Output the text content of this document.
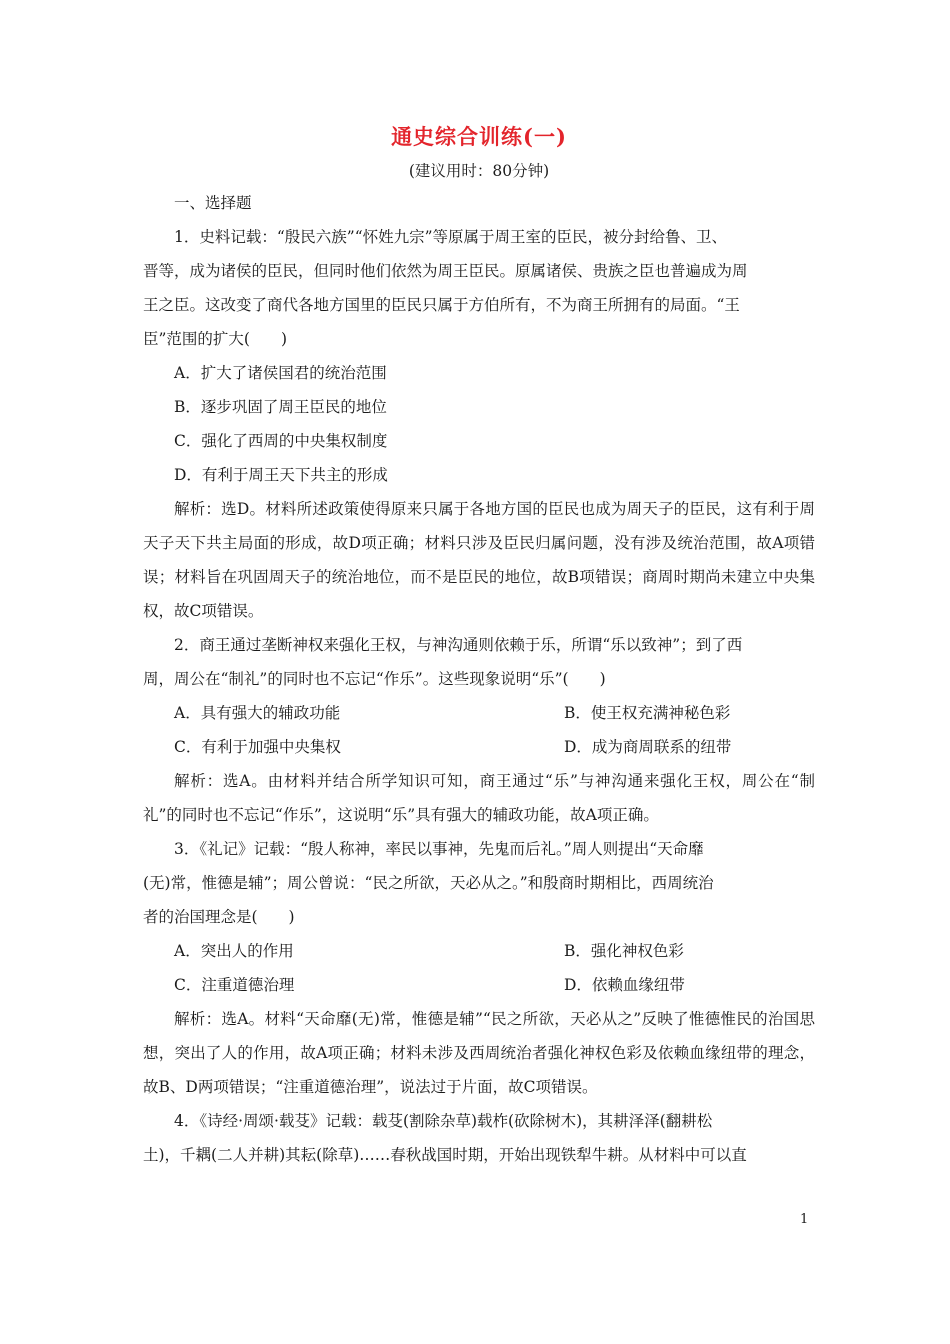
通史综合训练(一)
(建议用时：80分钟)
一、选择题
1．史料记载：“殷民六族”“怀姓九宗”等原属于周王室的臣民，被分封给鲁、卫、
晋等，成为诸侯的臣民，但同时他们依然为周王臣民。原属诸侯、贵族之臣也普遍成为周
王之臣。这改变了商代各地方国里的臣民只属于方伯所有，不为商王所拥有的局面。“王
臣”范围的扩大(　　)
A．扩大了诸侯国君的统治范围
B．逐步巩固了周王臣民的地位
C．强化了西周的中央集权制度
D．有利于周王天下共主的形成

解析：选D。材料所述政策使得原来只属于各地方国的臣民也成为周天子的臣民，这有利于周天子天下共主局面的形成，故D项正确；材料只涉及臣民归属问题，没有涉及统治范围，故A项错误；材料旨在巩固周天子的统治地位，而不是臣民的地位，故B项错误；商周时期尚未建立中央集权，故C项错误。

2．商王通过垄断神权来强化王权，与神沟通则依赖于乐，所谓“乐以致神”；到了西
周，周公在“制礼”的同时也不忘记“作乐”。这些现象说明“乐”(　　)
A．具有强大的辅政功能	B．使王权充满神秘色彩
C．有利于加强中央集权	D．成为商周联系的纽带

解析：选A。由材料并结合所学知识可知，商王通过“乐”与神沟通来强化王权，周公在“制礼”的同时也不忘记“作乐”，这说明“乐”具有强大的辅政功能，故A项正确。

3．《礼记》记载：“殷人称神，率民以事神，先鬼而后礼。”周人则提出“天命靡
(无)常，惟德是辅”；周公曾说：“民之所欲，天必从之。”和殷商时期相比，西周统治
者的治国理念是(　　)
A．突出人的作用	B．强化神权色彩
C．注重道德治理	D．依赖血缘纽带

解析：选A。材料“天命靡(无)常，惟德是辅”“民之所欲，天必从之”反映了惟德惟民的治国思想，突出了人的作用，故A项正确；材料未涉及西周统治者强化神权色彩及依赖血缘纽带的理念，故B、D两项错误；“注重道德治理”，说法过于片面，故C项错误。

4．《诗经·周颂·载芟》记载：载芟(割除杂草)载柞(砍除树木)，其耕泽泽(翻耕松
土)，千耦(二人并耕)其耘(除草)……春秋战国时期，开始出现铁犁牛耕。从材料中可以直
1
